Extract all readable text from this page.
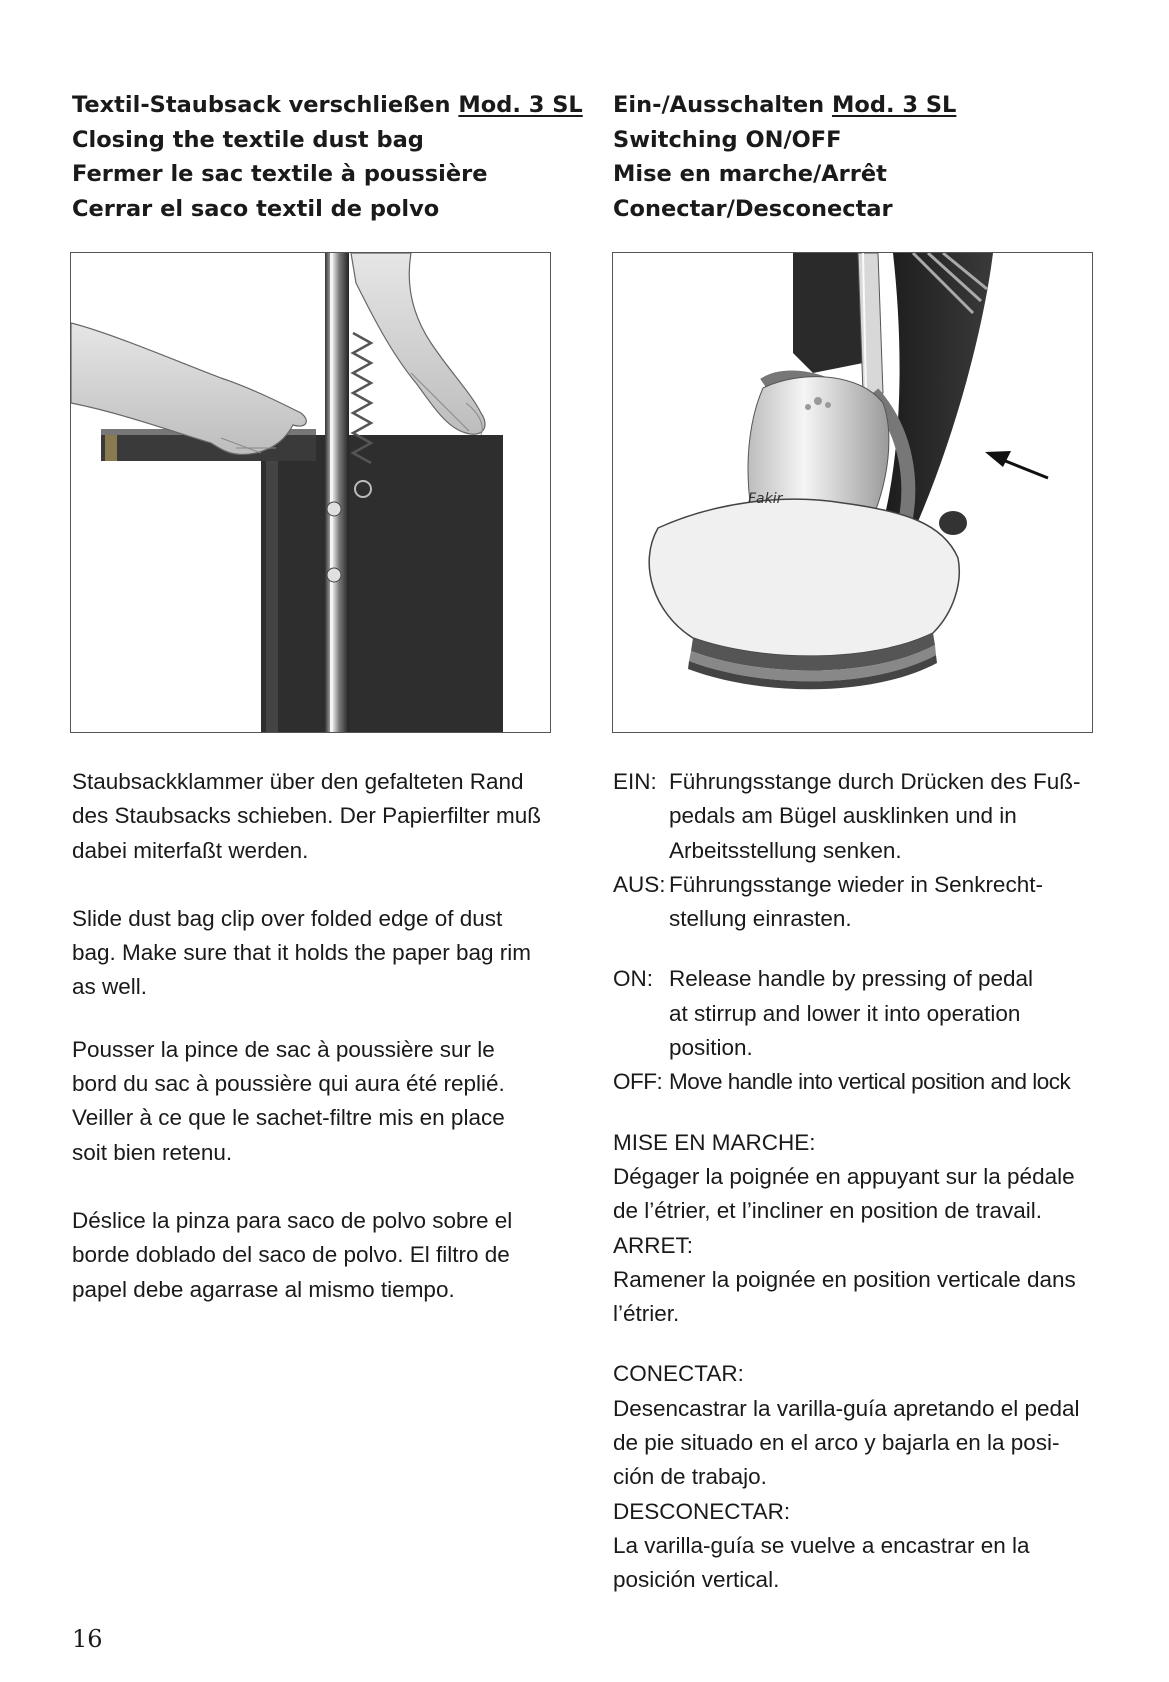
Textil-Staubsack verschließen Mod. 3 SL
Closing the textile dust bag
Fermer le sac textile à poussière
Cerrar el saco textil de polvo

Staubsackklammer über den gefalteten Rand
des Staubsacks schieben. Der Papierfilter muß
dabei miterfaßt werden.

Slide dust bag clip over folded edge of dust
bag. Make sure that it holds the paper bag rim
as well.

Pousser la pince de sac à poussière sur le
bord du sac à poussière qui aura été replié.
Veiller à ce que le sachet-filtre mis en place
soit bien retenu.

Déslice la pinza para saco de polvo sobre el
borde doblado del saco de polvo. El filtro de
papel debe agarrase al mismo tiempo.

Ein-/Ausschalten Mod. 3 SL
Switching ON/OFF
Mise en marche/Arrêt
Conectar/Desconectar
Fakir
EIN: Führungsstange durch Drücken des Fuß-
pedals am Bügel ausklinken und in
Arbeitsstellung senken.
AUS: Führungsstange wieder in Senkrecht-
stellung einrasten.
ON: Release handle by pressing of pedal
at stirrup and lower it into operation
position.
OFF: Move handle into vertical position and lock
MISE EN MARCHE:
Dégager la poignée en appuyant sur la pédale
de l’étrier, et l’incliner en position de travail.
ARRET:
Ramener la poignée en position verticale dans
l’étrier.
CONECTAR:
Desencastrar la varilla-guía apretando el pedal
de pie situado en el arco y bajarla en la posi-
ción de trabajo.
DESCONECTAR:
La varilla-guía se vuelve a encastrar en la
posición vertical.
16
